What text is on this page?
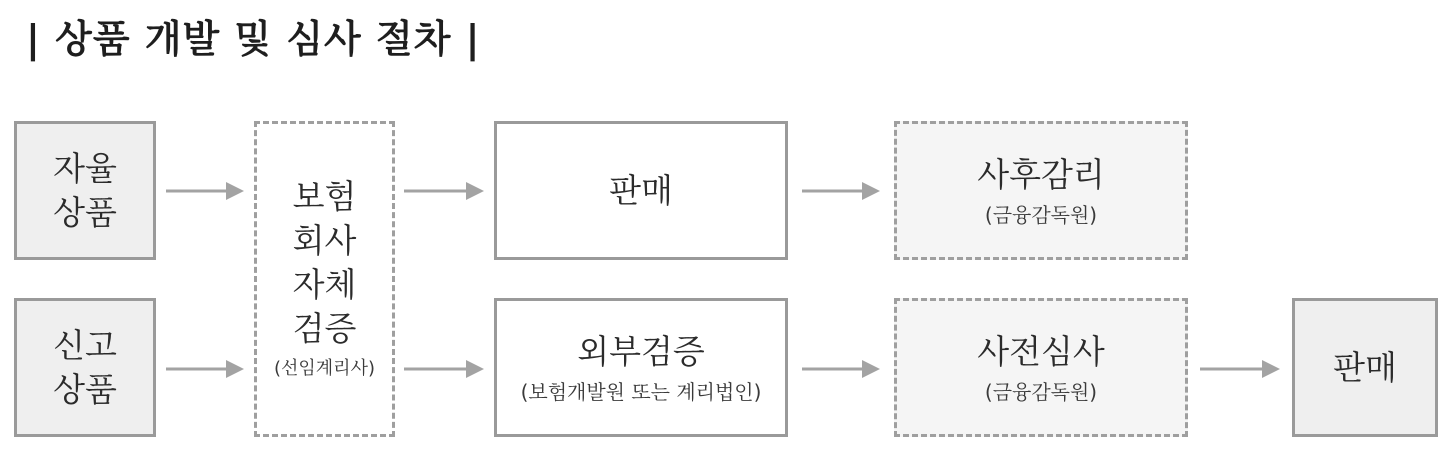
| 상품 개발 및 심사 절차 |
자율
상품
신고
상품
보험
회사
자체
검증
(선임계리사)
판매
외부검증
(보험개발원 또는 계리법인)
사후감리
(금융감독원)
사전심사
(금융감독원)
판매
